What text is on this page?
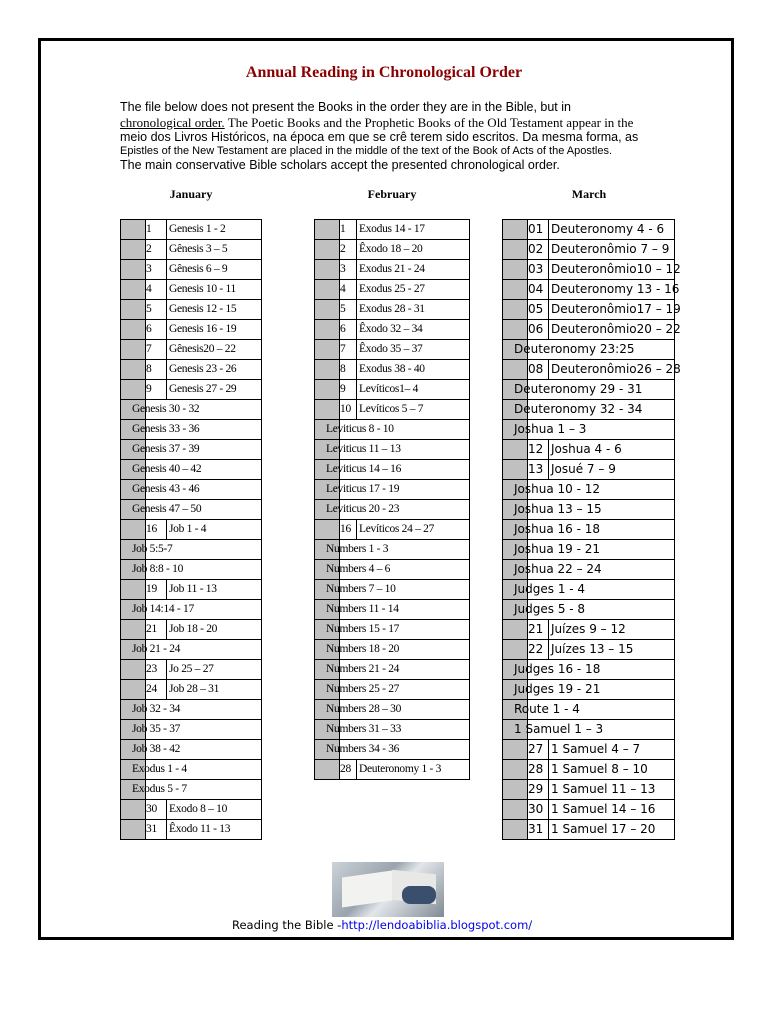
Annual Reading in Chronological Order
The file below does not present the Books in the order they are in the Bible, but in
chronological order. The Poetic Books and the Prophetic Books of the Old Testament appear in the
meio dos Livros Históricos, na época em que se crê terem sido escritos. Da mesma forma, as
Epistles of the New Testament are placed in the middle of the text of the Book of Acts of the Apostles.
The main conservative Bible scholars accept the presented chronological order.
January	February	March
1	Genesis 1 - 2
2	Gênesis 3 – 5
3	Gênesis 6 – 9
4	Genesis 10 - 11
5	Genesis 12 - 15
6	Genesis 16 - 19
7	Gênesis20 – 22
8	Genesis 23 - 26
9	Genesis 27 - 29
Genesis 30 - 32
Genesis 33 - 36
Genesis 37 - 39
Genesis 40 – 42
Genesis 43 - 46
Genesis 47 – 50
16	Job 1 - 4
Job 5:5-7
Job 8:8 - 10
19	Job 11 - 13
Job 14:14 - 17
21	Job 18 - 20
Job 21 - 24
23	Jo 25 – 27
24	Job 28 – 31
Job 32 - 34
Job 35 - 37
Job 38 - 42
Exodus 1 - 4
Exodus 5 - 7
30	Exodo 8 – 10
31	Êxodo 11 - 13
1	Exodus 14 - 17
2	Êxodo 18 – 20
3	Exodus 21 - 24
4	Exodus 25 - 27
5	Exodus 28 - 31
6	Êxodo 32 – 34
7	Êxodo 35 – 37
8	Exodus 38 - 40
9	Levíticos1– 4
10 Levíticos 5 – 7
Leviticus 8 - 10
Leviticus 11 – 13
Leviticus 14 – 16
Leviticus 17 - 19
Leviticus 20 - 23
16 Levíticos 24 – 27
Numbers 1 - 3
Numbers 4 – 6
Numbers 7 – 10
Numbers 11 - 14
Numbers 15 - 17
Numbers 18 - 20
Numbers 21 - 24
Numbers 25 - 27
Numbers 28 – 30
Numbers 31 – 33
Numbers 34 - 36
28 Deuteronomy 1 - 3
01 Deuteronomy 4 - 6
02 Deuteronômio 7 – 9
03 Deuteronômio10 – 12
04 Deuteronomy 13 - 16
05 Deuteronômio17 – 19
06 Deuteronômio20 – 22
Deuteronomy 23:25
08 Deuteronômio26 – 28
Deuteronomy 29 - 31
Deuteronomy 32 - 34
Joshua 1 – 3
12 Joshua 4 - 6
13 Josué 7 – 9
Joshua 10 - 12
Joshua 13 – 15
Joshua 16 - 18
Joshua 19 - 21
Joshua 22 – 24
Judges 1 - 4
Judges 5 - 8
21 Juízes 9 – 12
22 Juízes 13 – 15
Judges 16 - 18
Judges 19 - 21
Route 1 - 4
1 Samuel 1 – 3
27 1 Samuel 4 – 7
28 1 Samuel 8 – 10
29 1 Samuel 11 – 13
30 1 Samuel 14 – 16
31 1 Samuel 17 – 20
Reading the Bible -http://lendoabiblia.blogspot.com/
